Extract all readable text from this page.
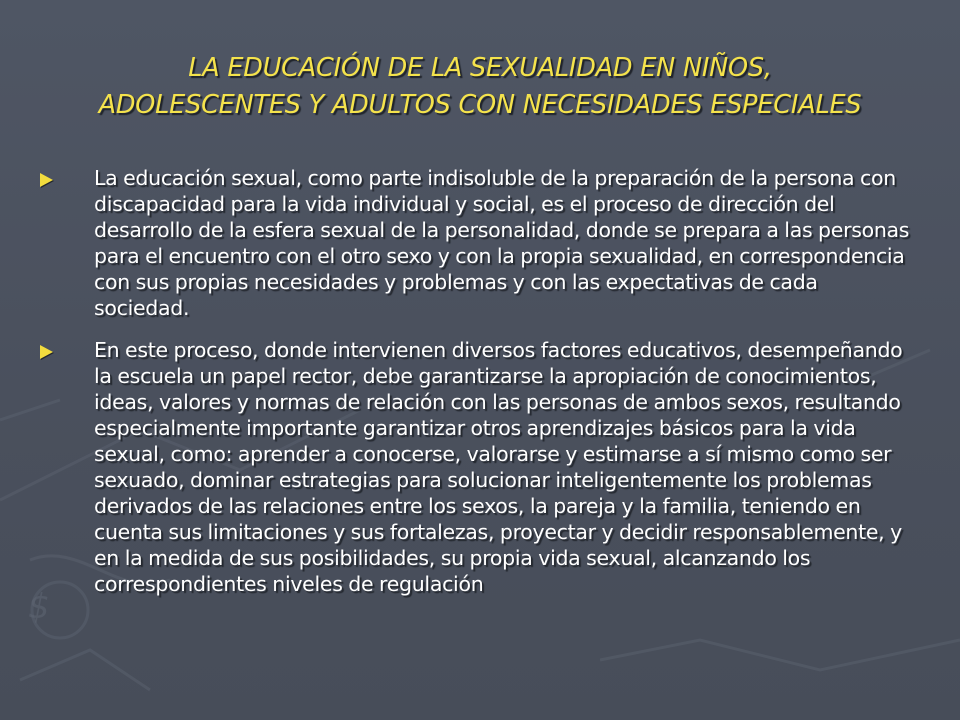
$
LA EDUCACIÓN DE LA SEXUALIDAD EN NIÑOS,
ADOLESCENTES Y ADULTOS CON NECESIDADES ESPECIALES
La educación sexual, como parte indisoluble de la preparación de la persona con discapacidad para la vida individual y social, es el proceso de dirección del desarrollo de la esfera sexual de la personalidad, donde se prepara a las personas para el encuentro con el otro sexo y con la propia sexualidad, en correspondencia con sus propias necesidades y problemas y con las expectativas de cada sociedad.
En este proceso, donde intervienen diversos factores educativos, desempeñando la escuela un papel rector, debe garantizarse la apropiación de conocimientos, ideas, valores y normas de relación con las personas de ambos sexos, resultando especialmente importante garantizar otros aprendizajes básicos para la vida sexual, como: aprender a conocerse, valorarse y estimarse a sí mismo como ser sexuado, dominar estrategias para solucionar inteligentemente los problemas derivados de las relaciones entre los sexos, la pareja y la familia, teniendo en cuenta sus limitaciones y sus fortalezas, proyectar y decidir responsablemente, y en la medida de sus posibilidades, su propia vida sexual, alcanzando los correspondientes niveles de regulación
